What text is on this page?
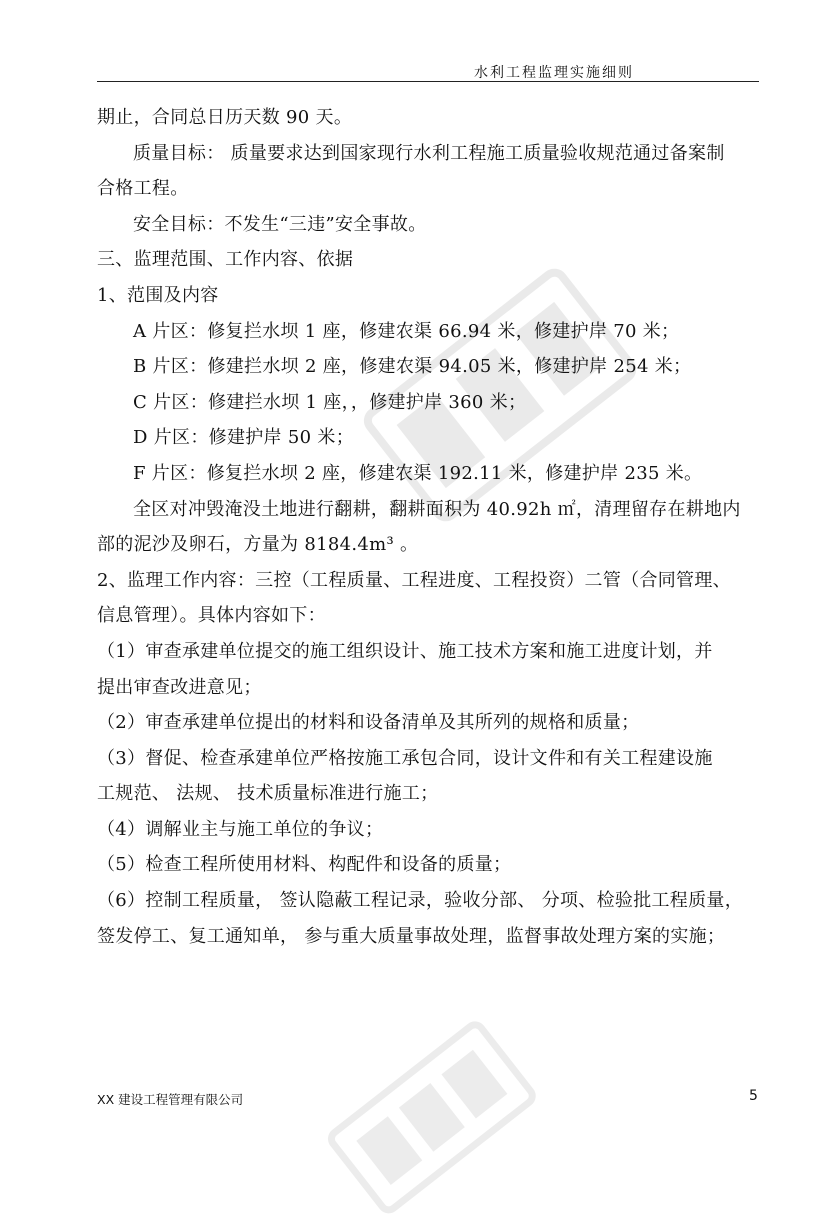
水利工程监理实施细则
期止，合同总日历天数 90 天。
质量目标： 质量要求达到国家现行水利工程施工质量验收规范通过备案制
合格工程。
安全目标：不发生“三违”安全事故。
三、监理范围、工作内容、依据
1、范围及内容
A 片区：修复拦水坝 1 座，修建农渠 66.94 米，修建护岸 70 米；
B 片区：修建拦水坝 2 座，修建农渠 94.05 米，修建护岸 254 米；
C 片区：修建拦水坝 1 座，，修建护岸 360 米；
D 片区：修建护岸 50 米；
F 片区：修复拦水坝 2 座，修建农渠 192.11 米，修建护岸 235 米。
全区对冲毁淹没土地进行翻耕，翻耕面积为 40.92h ㎡，清理留存在耕地内
部的泥沙及卵石，方量为 8184.4m³ 。
2、监理工作内容：三控（工程质量、工程进度、工程投资）二管（合同管理、
信息管理）。具体内容如下：
（1）审查承建单位提交的施工组织设计、施工技术方案和施工进度计划，并
提出审查改进意见；
（2）审查承建单位提出的材料和设备清单及其所列的规格和质量；
（3）督促、检查承建单位严格按施工承包合同，设计文件和有关工程建设施
工规范、 法规、 技术质量标准进行施工；
（4）调解业主与施工单位的争议；
（5）检查工程所使用材料、构配件和设备的质量；
（6）控制工程质量， 签认隐蔽工程记录，验收分部、 分项、检验批工程质量，
签发停工、复工通知单， 参与重大质量事故处理，监督事故处理方案的实施；
XX 建设工程管理有限公司	5
